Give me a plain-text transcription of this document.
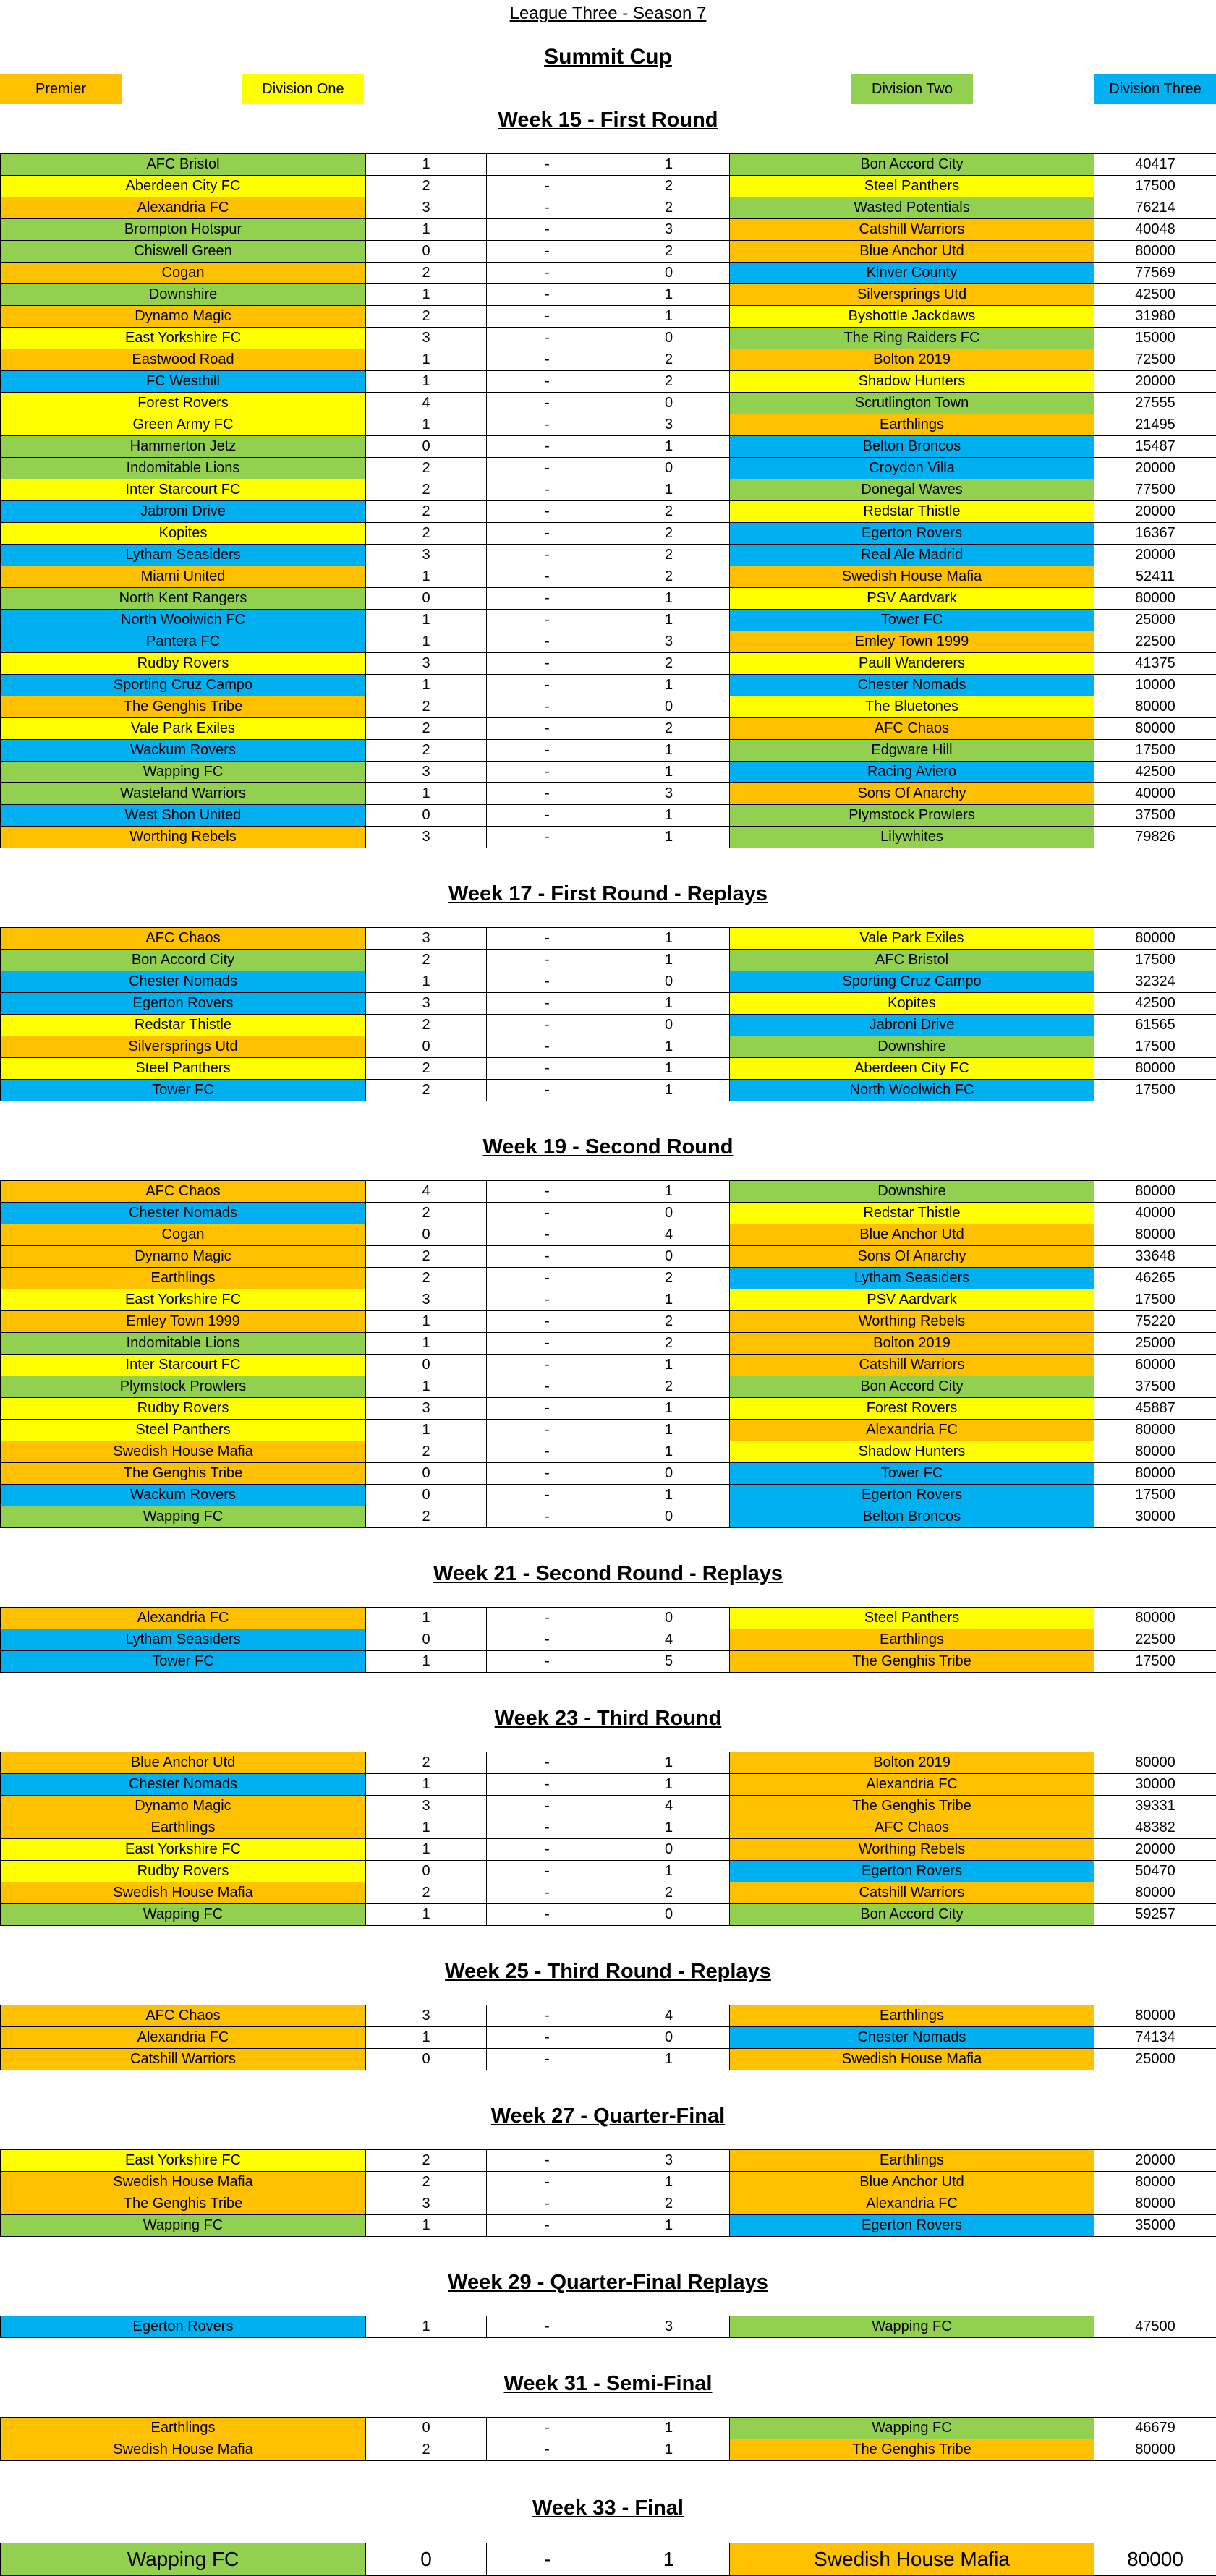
League Three - Season 7
Summit Cup
Premier	Division One	Division Two	Division Three
Week 15 - First Round
AFC Bristol	1	-	1	Bon Accord City	40417
Aberdeen City FC	2	-	2	Steel Panthers	17500
Alexandria FC	3	-	2	Wasted Potentials	76214
Brompton Hotspur	1	-	3	Catshill Warriors	40048
Chiswell Green	0	-	2	Blue Anchor Utd	80000
Cogan	2	-	0	Kinver County	77569
Downshire	1	-	1	Silversprings Utd	42500
Dynamo Magic	2	-	1	Byshottle Jackdaws	31980
East Yorkshire FC	3	-	0	The Ring Raiders FC	15000
Eastwood Road	1	-	2	Bolton 2019	72500
FC Westhill	1	-	2	Shadow Hunters	20000
Forest Rovers	4	-	0	Scrutlington Town	27555
Green Army FC	1	-	3	Earthlings	21495
Hammerton Jetz	0	-	1	Belton Broncos	15487
Indomitable Lions	2	-	0	Croydon Villa	20000
Inter Starcourt FC	2	-	1	Donegal Waves	77500
Jabroni Drive	2	-	2	Redstar Thistle	20000
Kopites	2	-	2	Egerton Rovers	16367
Lytham Seasiders	3	-	2	Real Ale Madrid	20000
Miami United	1	-	2	Swedish House Mafia	52411
North Kent Rangers	0	-	1	PSV Aardvark	80000
North Woolwich FC	1	-	1	Tower FC	25000
Pantera FC	1	-	3	Emley Town 1999	22500
Rudby Rovers	3	-	2	Paull Wanderers	41375
Sporting Cruz Campo	1	-	1	Chester Nomads	10000
The Genghis Tribe	2	-	0	The Bluetones	80000
Vale Park Exiles	2	-	2	AFC Chaos	80000
Wackum Rovers	2	-	1	Edgware Hill	17500
Wapping FC	3	-	1	Racing Aviero	42500
Wasteland Warriors	1	-	3	Sons Of Anarchy	40000
West Shon United	0	-	1	Plymstock Prowlers	37500
Worthing Rebels	3	-	1	Lilywhites	79826
Week 17 - First Round - Replays
AFC Chaos	3	-	1	Vale Park Exiles	80000
Bon Accord City	2	-	1	AFC Bristol	17500
Chester Nomads	1	-	0	Sporting Cruz Campo	32324
Egerton Rovers	3	-	1	Kopites	42500
Redstar Thistle	2	-	0	Jabroni Drive	61565
Silversprings Utd	0	-	1	Downshire	17500
Steel Panthers	2	-	1	Aberdeen City FC	80000
Tower FC	2	-	1	North Woolwich FC	17500
Week 19 - Second Round
AFC Chaos	4	-	1	Downshire	80000
Chester Nomads	2	-	0	Redstar Thistle	40000
Cogan	0	-	4	Blue Anchor Utd	80000
Dynamo Magic	2	-	0	Sons Of Anarchy	33648
Earthlings	2	-	2	Lytham Seasiders	46265
East Yorkshire FC	3	-	1	PSV Aardvark	17500
Emley Town 1999	1	-	2	Worthing Rebels	75220
Indomitable Lions	1	-	2	Bolton 2019	25000
Inter Starcourt FC	0	-	1	Catshill Warriors	60000
Plymstock Prowlers	1	-	2	Bon Accord City	37500
Rudby Rovers	3	-	1	Forest Rovers	45887
Steel Panthers	1	-	1	Alexandria FC	80000
Swedish House Mafia	2	-	1	Shadow Hunters	80000
The Genghis Tribe	0	-	0	Tower FC	80000
Wackum Rovers	0	-	1	Egerton Rovers	17500
Wapping FC	2	-	0	Belton Broncos	30000
Week 21 - Second Round - Replays
Alexandria FC	1	-	0	Steel Panthers	80000
Lytham Seasiders	0	-	4	Earthlings	22500
Tower FC	1	-	5	The Genghis Tribe	17500
Week 23 - Third Round
Blue Anchor Utd	2	-	1	Bolton 2019	80000
Chester Nomads	1	-	1	Alexandria FC	30000
Dynamo Magic	3	-	4	The Genghis Tribe	39331
Earthlings	1	-	1	AFC Chaos	48382
East Yorkshire FC	1	-	0	Worthing Rebels	20000
Rudby Rovers	0	-	1	Egerton Rovers	50470
Swedish House Mafia	2	-	2	Catshill Warriors	80000
Wapping FC	1	-	0	Bon Accord City	59257
Week 25 - Third Round - Replays
AFC Chaos	3	-	4	Earthlings	80000
Alexandria FC	1	-	0	Chester Nomads	74134
Catshill Warriors	0	-	1	Swedish House Mafia	25000
Week 27 - Quarter-Final
East Yorkshire FC	2	-	3	Earthlings	20000
Swedish House Mafia	2	-	1	Blue Anchor Utd	80000
The Genghis Tribe	3	-	2	Alexandria FC	80000
Wapping FC	1	-	1	Egerton Rovers	35000
Week 29 - Quarter-Final Replays
Egerton Rovers	1	-	3	Wapping FC	47500
Week 31 - Semi-Final
Earthlings	0	-	1	Wapping FC	46679
Swedish House Mafia	2	-	1	The Genghis Tribe	80000
Week 33 - Final
Wapping FC	0	-	1	Swedish House Mafia	80000
